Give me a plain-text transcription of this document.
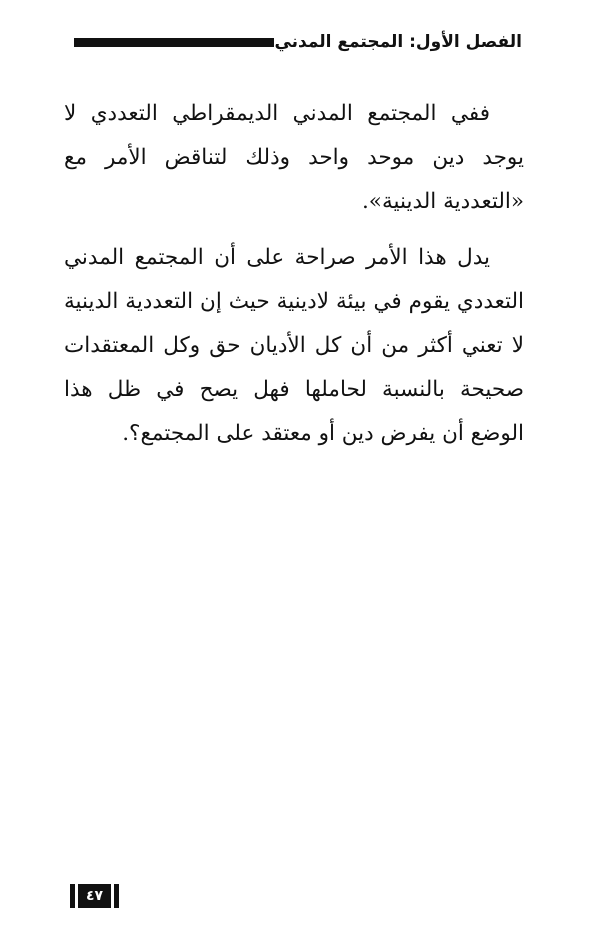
الفصل الأول: المجتمع المدني

ففي المجتمع المدني الديمقراطي التعددي لا يوجد دين موحد واحد وذلك لتناقض الأمر مع «التعددية الدينية».

يدل هذا الأمر صراحة على أن المجتمع المدني التعددي يقوم في بيئة لادينية حيث إن التعددية الدينية لا تعني أكثر من أن كل الأديان حق وكل المعتقدات صحيحة بالنسبة لحاملها فهل يصح في ظل هذا الوضع أن يفرض دين أو معتقد على المجتمع؟.

٤٧
